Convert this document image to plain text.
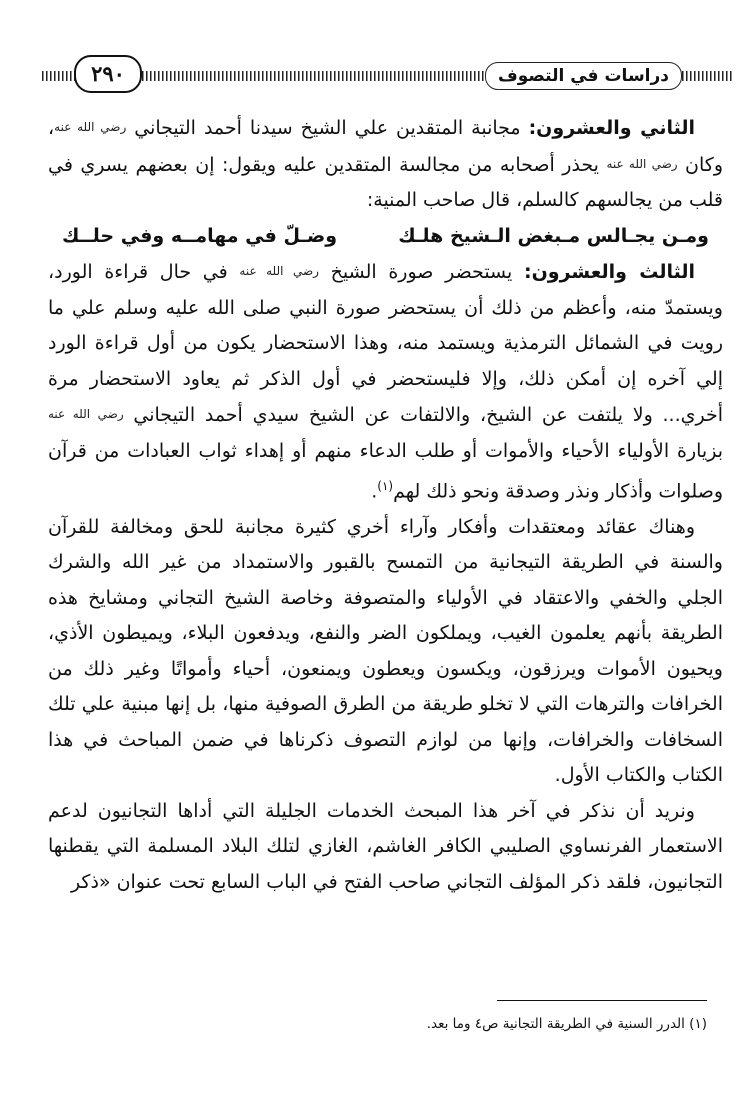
دراسات في التصوف
٢٩٠

الثاني والعشرون: مجانبة المتقدين علي الشيخ سيدنا أحمد التيجاني رضي الله عنه، وكان رضي الله عنه يحذر أصحابه من مجالسة المتقدين عليه ويقول: إن بعضهم يسري في قلب من يجالسهم كالسلم، قال صاحب المنية:

ومـن يجـالس مـبغض الـشيخ هلـك
وضـلّ في مهامــه وفي حلــك

الثالث والعشرون: يستحضر صورة الشيخ رضي الله عنه في حال قراءة الورد، ويستمدّ منه، وأعظم من ذلك أن يستحضر صورة النبي صلى الله عليه وسلم علي ما رويت في الشمائل الترمذية ويستمد منه، وهذا الاستحضار يكون من أول قراءة الورد إلي آخره إن أمكن ذلك، وإلا فليستحضر في أول الذكر ثم يعاود الاستحضار مرة أخري... ولا يلتفت عن الشيخ، والالتفات عن الشيخ سيدي أحمد التيجاني رضي الله عنه بزيارة الأولياء الأحياء والأموات أو طلب الدعاء منهم أو إهداء ثواب العبادات من قرآن وصلوات وأذكار ونذر وصدقة ونحو ذلك لهم$^{(١)}$.

وهناك عقائد ومعتقدات وأفكار وآراء أخري كثيرة مجانبة للحق ومخالفة للقرآن والسنة في الطريقة التيجانية من التمسح بالقبور والاستمداد من غير الله والشرك الجلي والخفي والاعتقاد في الأولياء والمتصوفة وخاصة الشيخ التجاني ومشايخ هذه الطريقة بأنهم يعلمون الغيب، ويملكون الضر والنفع، ويدفعون البلاء، ويميطون الأذي، ويحيون الأموات ويرزقون، ويكسون ويعطون ويمنعون، أحياء وأمواتًا وغير ذلك من الخرافات والترهات التي لا تخلو طريقة من الطرق الصوفية منها، بل إنها مبنية علي تلك السخافات والخرافات، وإنها من لوازم التصوف ذكرناها في ضمن المباحث في هذا الكتاب والكتاب الأول.

ونريد أن نذكر في آخر هذا المبحث الخدمات الجليلة التي أداها التجانيون لدعم الاستعمار الفرنساوي الصليبي الكافر الغاشم، الغازي لتلك البلاد المسلمة التي يقطنها التجانيون، فلقد ذكر المؤلف التجاني صاحب الفتح في الباب السابع تحت عنوان «ذكر

(١) الدرر السنية في الطريقة التجانية ص٤ وما بعد.
